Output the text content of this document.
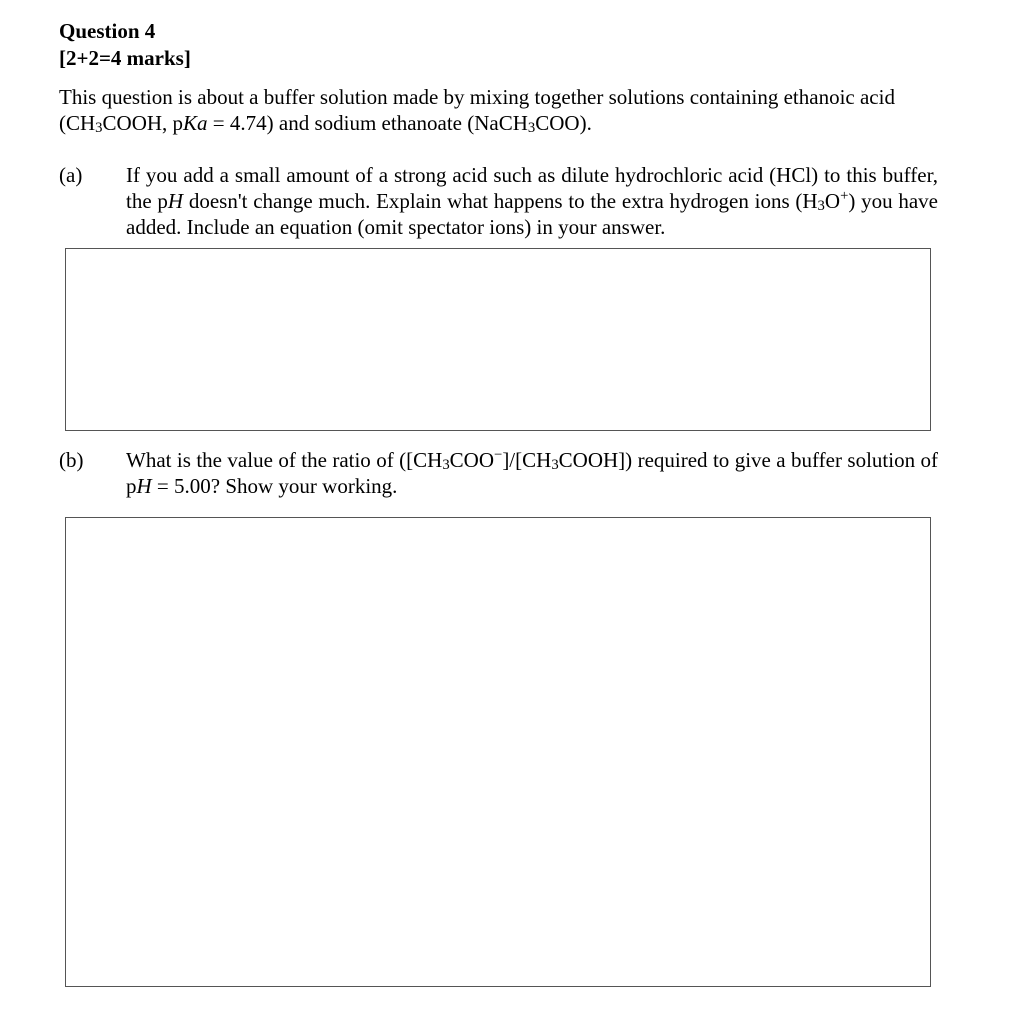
Question 4
[2+2=4 marks]
This question is about a buffer solution made by mixing together solutions containing ethanoic acid ($CH_3COOH$, pKa = 4.74) and sodium ethanoate (NaCH$_3$COO).
(a) If you add a small amount of a strong acid such as dilute hydrochloric acid (HCl) to this buffer, the pH doesn't change much. Explain what happens to the extra hydrogen ions $(H_3O^+)$ you have added. Include an equation (omit spectator ions) in your answer.
(b) What is the value of the ratio of $([CH_3COO^-]/[CH_3COOH])$ required to give a buffer solution of pH = 5.00? Show your working.
